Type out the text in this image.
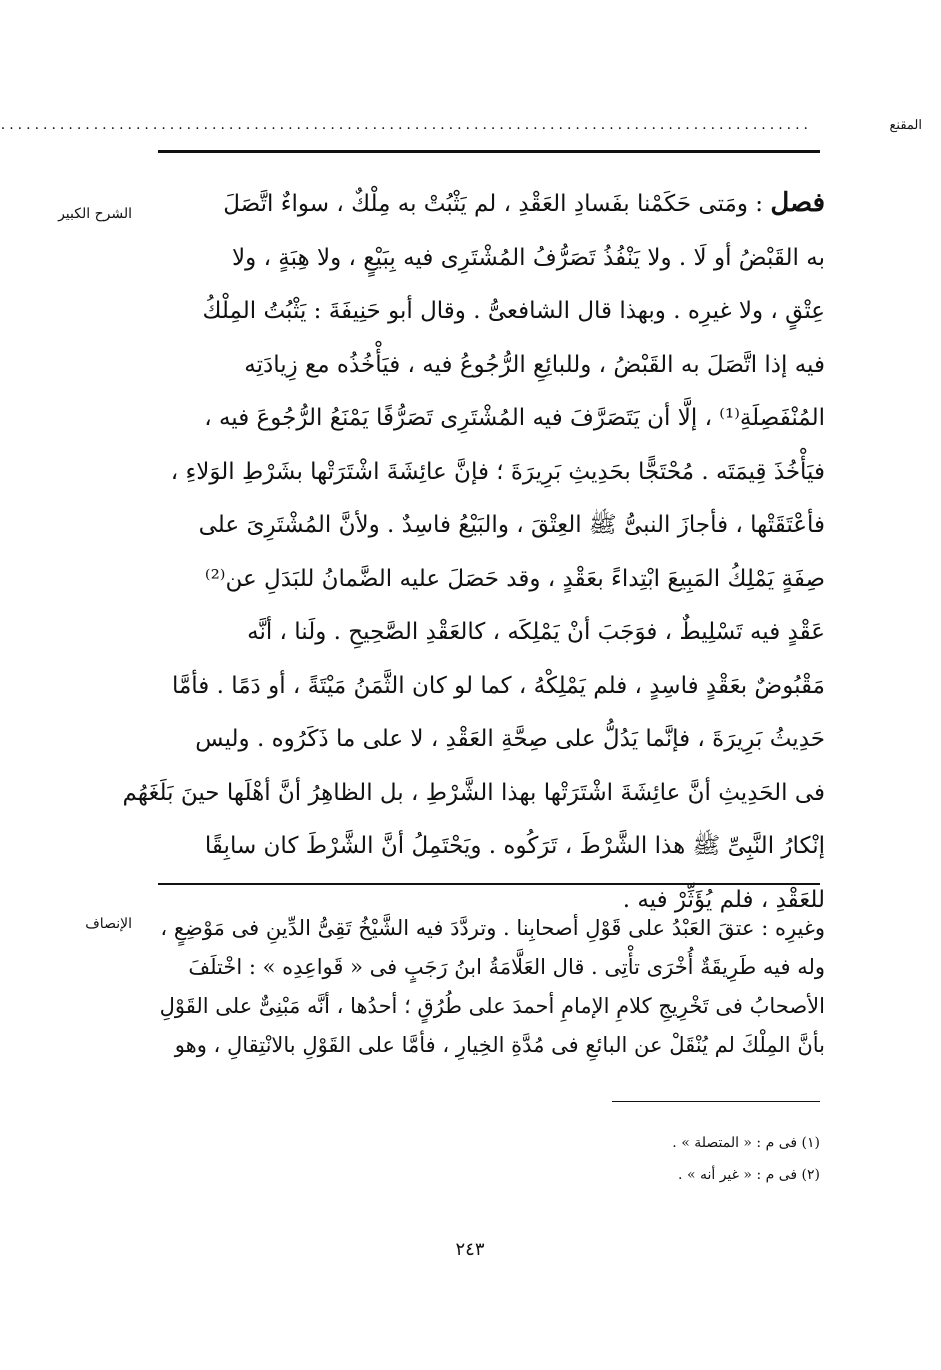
المقنع
................................................................................................
الشرح الكبير	فصل : ومَتى حَكَمْنا بفَسادِ العَقْدِ ، لم يَثْبُتْ به مِلْكٌ ، سواءٌ اتَّصَلَ
به القَبْضُ أو لَا . ولا يَنْفُذُ تَصَرُّفُ المُشْتَرِى فيه بِبَيْعٍ ، ولا هِبَةٍ ، ولا
عِتْقٍ ، ولا غيرِه . وبهذا قال الشافعىُّ . وقال أبو حَنِيفَةَ : يَثْبُتُ المِلْكُ
فيه إذا اتَّصَلَ به القَبْضُ ، وللبائِعِ الرُّجُوعُ فيه ، فيَأْخُذُه مع زِيادَتِه
المُنْفَصِلَةِ⁽¹⁾ ، إلَّا أن يَتَصَرَّفَ فيه المُشْتَرِى تَصَرُّفًا يَمْنَعُ الرُّجُوعَ فيه ،
فيَأْخُذَ قِيمَتَه . مُحْتَجًّا بحَدِيثِ بَرِيرَةَ ؛ فإنَّ عائِشَةَ اشْتَرَتْها بشَرْطِ الوَلاءِ ،
فأعْتَقَتْها ، فأجازَ النبىُّ ﷺ العِتْقَ ، والبَيْعُ فاسِدٌ . ولأنَّ المُشْتَرِىَ على
صِفَةٍ يَمْلِكُ المَبِيعَ ابْتِداءً بعَقْدٍ ، وقد حَصَلَ عليه الضَّمانُ للبَدَلِ عن⁽²⁾
عَقْدٍ فيه تَسْلِيطٌ ، فوَجَبَ أنْ يَمْلِكَه ، كالعَقْدِ الصَّحِيحِ . ولَنا ، أنَّه
مَقْبُوضٌ بعَقْدٍ فاسِدٍ ، فلم يَمْلِكْهُ ، كما لو كان الثَّمَنُ مَيْتَةً ، أو دَمًا . فأمَّا
حَدِيثُ بَرِيرَةَ ، فإنَّما يَدُلُّ على صِحَّةِ العَقْدِ ، لا على ما ذَكَرُوه . وليس
فى الحَدِيثِ أنَّ عائِشَةَ اشْتَرَتْها بهذا الشَّرْطِ ، بل الظاهِرُ أنَّ أهْلَها حينَ بَلَغَهُم
إنْكارُ النَّبِىِّ ﷺ هذا الشَّرْطَ ، تَرَكُوه . ويَحْتَمِلُ أنَّ الشَّرْطَ كان سابِقًا
للعَقْدِ ، فلم يُؤَثِّرْ فيه .
الإنصاف	وغيرِه : عتقَ العَبْدُ على قَوْلِ أصحابِنا . وتردَّدَ فيه الشَّيْخُ تَقِىُّ الدِّينِ فى مَوْضِعٍ ،
وله فيه طَرِيقَةٌ أُخْرَى تأْتِى . قال العَلَّامَةُ ابنُ رَجَبٍ فى « قَواعِدِه » : اخْتلَفَ
الأصحابُ فى تَخْرِيجِ كلامِ الإمامِ أحمدَ على طُرُقٍ ؛ أحدُها ، أنَّه مَبْنِىٌّ على القَوْلِ
بأنَّ المِلْكَ لم يُنْقَلْ عن البائعِ فى مُدَّةِ الخِيارِ ، فأمَّا على القَوْلِ بالانْتِقالِ ، وهو
(١) فى م : « المتصلة » .
(٢) فى م : « غير أنه » .
٢٤٣
